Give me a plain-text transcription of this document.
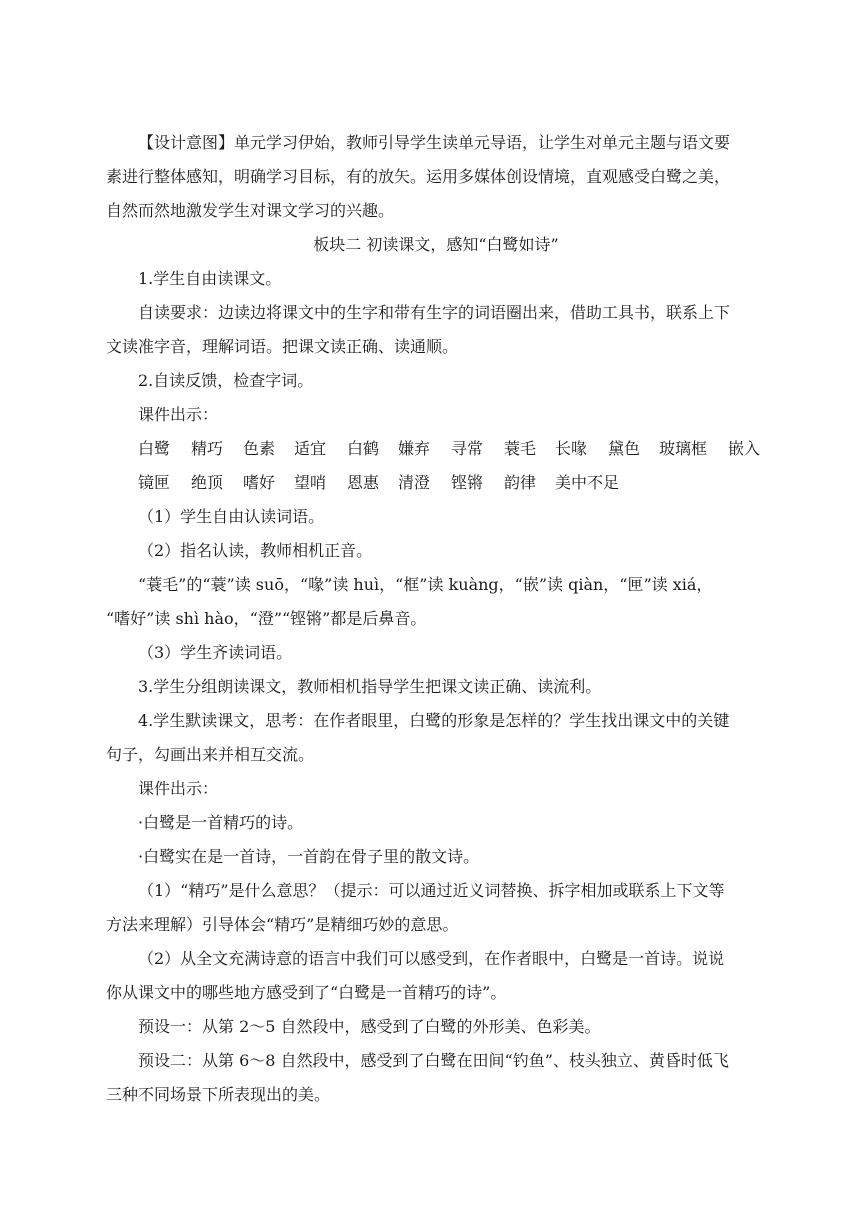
【设计意图】单元学习伊始，教师引导学生读单元导语，让学生对单元主题与语文要
素进行整体感知，明确学习目标，有的放矢。运用多媒体创设情境，直观感受白鹭之美，
自然而然地激发学生对课文学习的兴趣。
板块二 初读课文，感知“白鹭如诗”
1.学生自由读课文。
自读要求：边读边将课文中的生字和带有生字的词语圈出来，借助工具书，联系上下
文读准字音，理解词语。把课文读正确、读通顺。
2.自读反馈，检查字词。
课件出示：
白鹭 精巧 色素 适宜 白鹤 嫌弃 寻常 蓑毛 长喙 黛色 玻璃框 嵌入
镜匣 绝顶 嗜好 望哨 恩惠 清澄 铿锵 韵律 美中不足
（1）学生自由认读词语。
（2）指名认读，教师相机正音。
“蓑毛”的“蓑”读 suō，“喙”读 huì，“框”读 kuàng，“嵌”读 qiàn，“匣”读 xiá，
“嗜好”读 shì hào，“澄”“铿锵”都是后鼻音。
（3）学生齐读词语。
3.学生分组朗读课文，教师相机指导学生把课文读正确、读流利。
4.学生默读课文，思考：在作者眼里，白鹭的形象是怎样的？学生找出课文中的关键
句子，勾画出来并相互交流。
课件出示：
·白鹭是一首精巧的诗。
·白鹭实在是一首诗，一首韵在骨子里的散文诗。
（1）“精巧”是什么意思？（提示：可以通过近义词替换、拆字相加或联系上下文等
方法来理解）引导体会“精巧”是精细巧妙的意思。
（2）从全文充满诗意的语言中我们可以感受到，在作者眼中，白鹭是一首诗。说说
你从课文中的哪些地方感受到了“白鹭是一首精巧的诗”。
预设一：从第 2～5 自然段中，感受到了白鹭的外形美、色彩美。
预设二：从第 6～8 自然段中，感受到了白鹭在田间“钓鱼”、枝头独立、黄昏时低飞
三种不同场景下所表现出的美。
